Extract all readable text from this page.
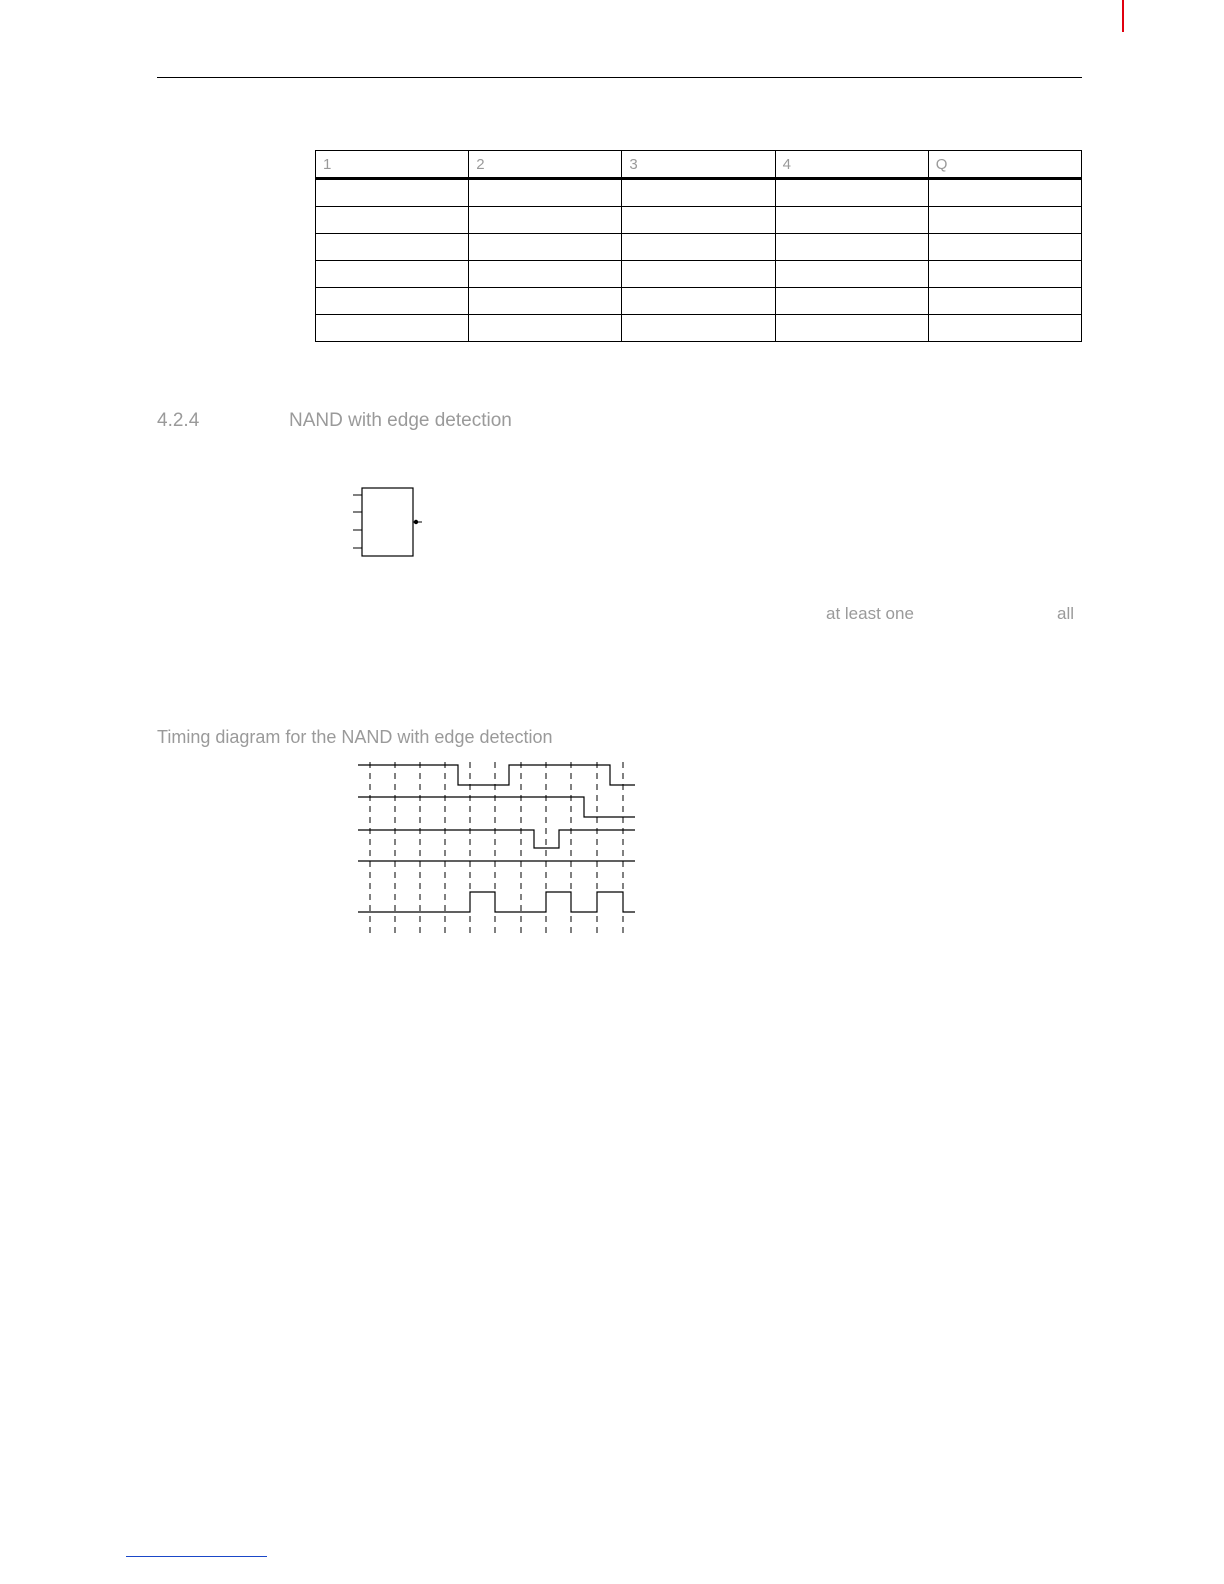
1	2	3	4	Q

4.2.4	NAND with edge detection
at least one	all
Timing diagram for the NAND with edge detection
